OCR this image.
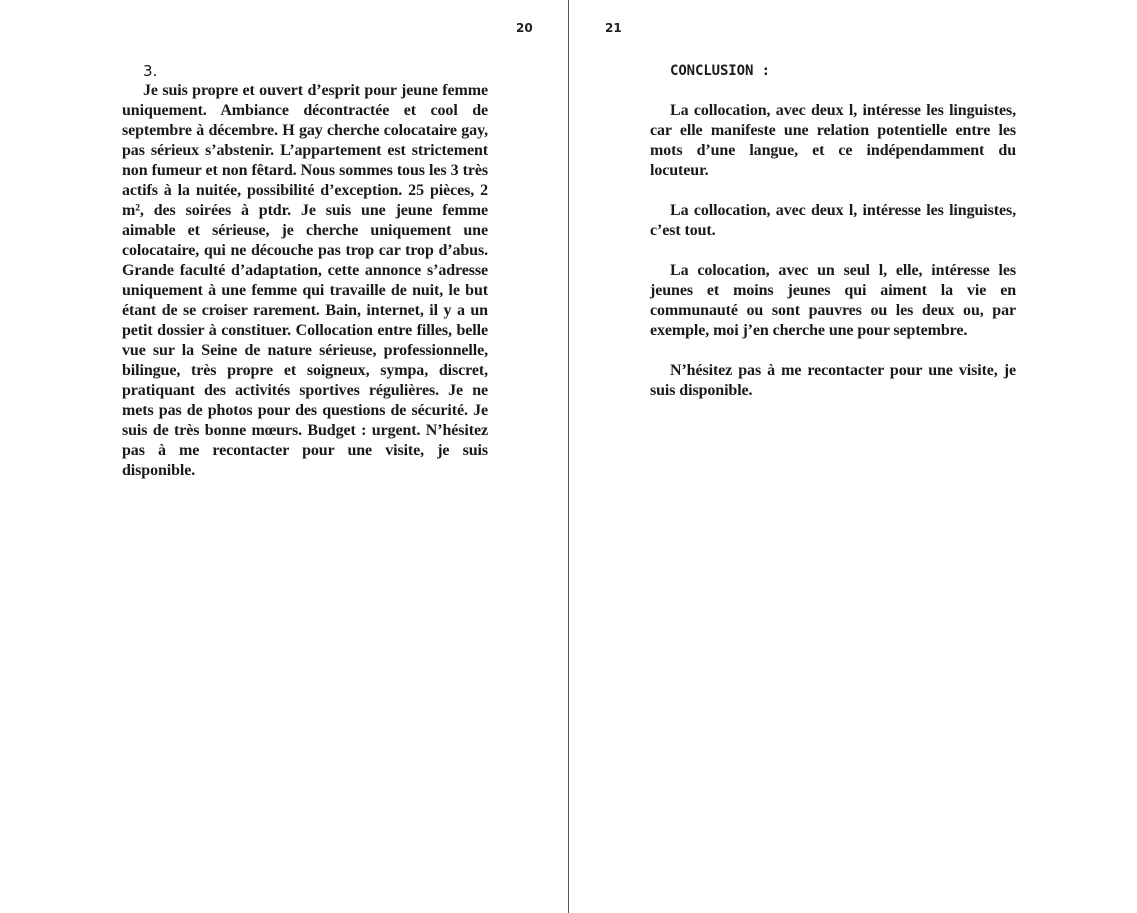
20	21
3.

Je suis propre et ouvert d’esprit pour jeune femme uniquement. Ambiance décontractée et cool de septembre à décembre. H gay cherche colocataire gay, pas sérieux s’abstenir. L’appartement est strictement non fumeur et non fêtard. Nous sommes tous les 3 très actifs à la nuitée, possibilité d’exception. 25 pièces, 2 m², des soirées à ptdr. Je suis une jeune femme aimable et sérieuse, je cherche uniquement une colocataire, qui ne découche pas trop car trop d’abus. Grande faculté d’adaptation, cette annonce s’adresse uniquement à une femme qui travaille de nuit, le but étant de se croiser rarement. Bain, internet, il y a un petit dossier à constituer. Collocation entre filles, belle vue sur la Seine de nature sérieuse, professionnelle, bilingue, très propre et soigneux, sympa, discret, pratiquant des activités sportives régulières. Je ne mets pas de photos pour des questions de sécurité. Je suis de très bonne mœurs. Budget : urgent. N’hésitez pas à me recontacter pour une visite, je suis disponible.

CONCLUSION :

La collocation, avec deux l, intéresse les linguistes, car elle manifeste une relation potentielle entre les mots d’une langue, et ce indépendamment du locuteur.

La collocation, avec deux l, intéresse les linguistes, c’est tout.

La colocation, avec un seul l, elle, intéresse les jeunes et moins jeunes qui aiment la vie en communauté ou sont pauvres ou les deux ou, par exemple, moi j’en cherche une pour septembre.

N’hésitez pas à me recontacter pour une visite, je suis disponible.
